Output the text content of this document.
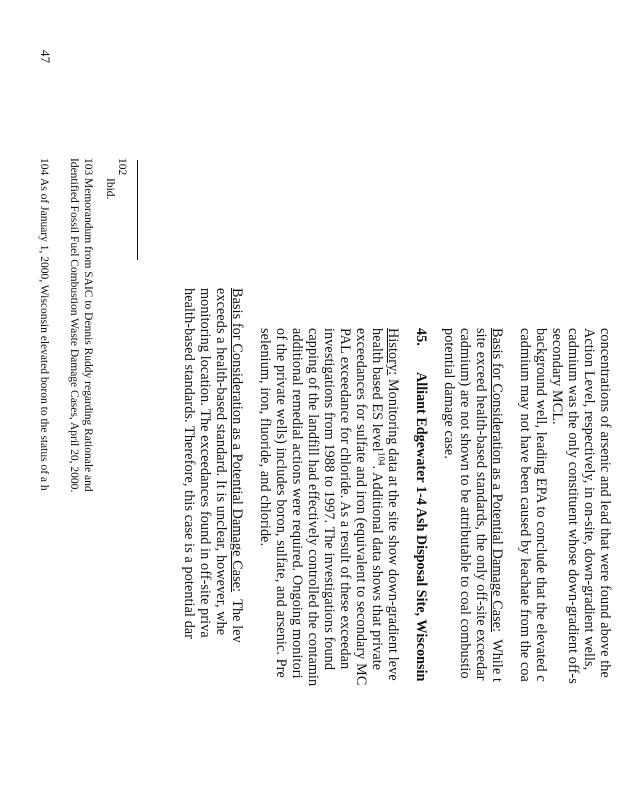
concentrations of arsenic and lead that were found above the
Action Level, respectively, in on-site, down-gradient wells,
cadmium was the only constituent whose down-gradient off-s
secondary MCL.
background well, leading EPA to conclude that the elevated c
cadmium may not have been caused by leachate from the coa
Basis for Consideration as a Potential Damage Case:  While t
site exceed health-based standards, the only off-site exceedar
cadmium) are not shown to be attributable to coal combustio
potential damage case.
45.
Alliant Edgewater 1-4 Ash Disposal Site, Wisconsin
History: Monitoring data at the site show down-gradient leve
health based ES level$^{104}$. Additional data shows that private
exceedances for sulfate and iron (equivalent to secondary MC
PAL exceedance for chloride. As a result of these exceedan
investigations from 1988 to 1997. The investigations found
capping of the landfill had effectively controlled the contamin
additional remedial actions were required. Ongoing monitori
of the private wells) includes boron, sulfate, and arsenic. Pre
selenium, iron, fluoride, and chloride.
Basis for Consideration as a Potential Damage Case:  The lev
exceeds a health-based standard. It is unclear, however, whe
monitoring location. The exceedances found in off-site priva
health-based standards. Therefore, this case is a potential dar
102
Ibid.
103
Memorandum from SAIC to Dennis Ruddy regarding Rationale and
Identified Fossil Fuel Combustion Waste Damage Cases, April 20, 2000.
104
As of January 1, 2000, Wisconsin elevated boron to the status of a h
47
